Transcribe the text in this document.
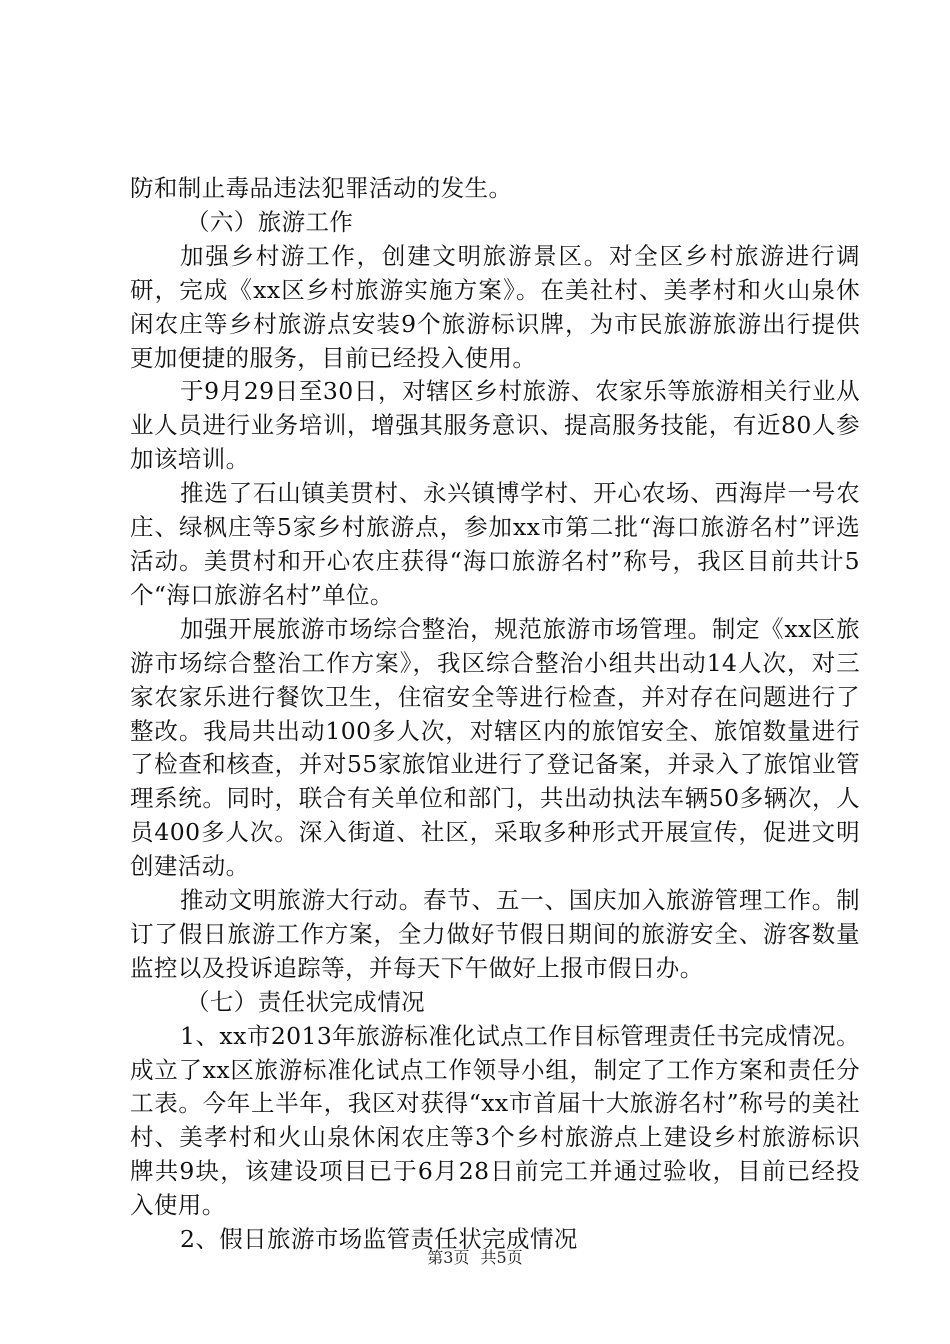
防和制止毒品违法犯罪活动的发生。

（六）旅游工作

加强乡村游工作，创建文明旅游景区。对全区乡村旅游进行调研，完成《xx区乡村旅游实施方案》。在美社村、美孝村和火山泉休闲农庄等乡村旅游点安装9个旅游标识牌，为市民旅游旅游出行提供更加便捷的服务，目前已经投入使用。

于9月29日至30日，对辖区乡村旅游、农家乐等旅游相关行业从业人员进行业务培训，增强其服务意识、提高服务技能，有近80人参加该培训。

推选了石山镇美贯村、永兴镇博学村、开心农场、西海岸一号农庄、绿枫庄等5家乡村旅游点，参加xx市第二批“海口旅游名村”评选活动。美贯村和开心农庄获得“海口旅游名村”称号，我区目前共计5个“海口旅游名村”单位。

加强开展旅游市场综合整治，规范旅游市场管理。制定《xx区旅游市场综合整治工作方案》，我区综合整治小组共出动14人次，对三家农家乐进行餐饮卫生，住宿安全等进行检查，并对存在问题进行了整改。我局共出动100多人次，对辖区内的旅馆安全、旅馆数量进行了检查和核查，并对55家旅馆业进行了登记备案，并录入了旅馆业管理系统。同时，联合有关单位和部门，共出动执法车辆50多辆次，人员400多人次。深入街道、社区，采取多种形式开展宣传，促进文明创建活动。

推动文明旅游大行动。春节、五一、国庆加入旅游管理工作。制订了假日旅游工作方案，全力做好节假日期间的旅游安全、游客数量监控以及投诉追踪等，并每天下午做好上报市假日办。

（七）责任状完成情况

1、xx市2013年旅游标准化试点工作目标管理责任书完成情况。成立了xx区旅游标准化试点工作领导小组，制定了工作方案和责任分工表。今年上半年，我区对获得“xx市首届十大旅游名村”称号的美社村、美孝村和火山泉休闲农庄等3个乡村旅游点上建设乡村旅游标识牌共9块，该建设项目已于6月28日前完工并通过验收，目前已经投入使用。

2、假日旅游市场监管责任状完成情况

第3页 共5页
